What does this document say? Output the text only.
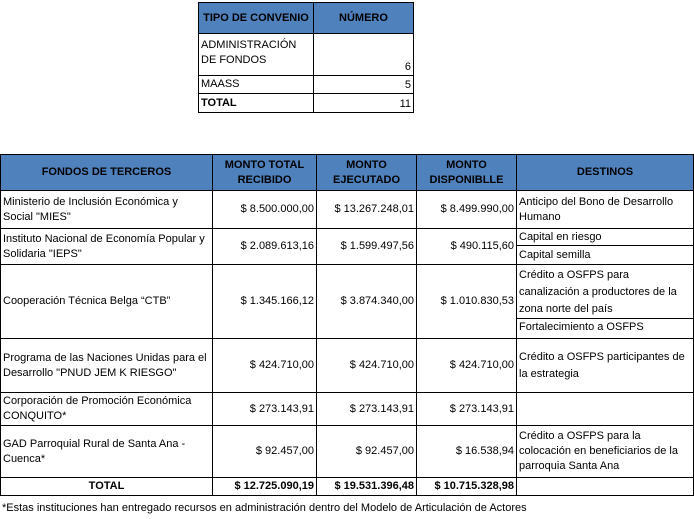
TIPO DE CONVENIO	NÚMERO
ADMINISTRACIÓN DE FONDOS	6
MAASS	5
TOTAL	11
FONDOS DE TERCEROS	MONTO TOTAL RECIBIDO	MONTO EJECUTADO	MONTO DISPONIBLLE	DESTINOS
Ministerio de Inclusión Económica y Social "MIES"	$ 8.500.000,00	$ 13.267.248,01	$ 8.499.990,00	Anticipo del Bono de Desarrollo Humano
Instituto Nacional de Economía Popular y Solidaria "IEPS"	$ 2.089.613,16	$ 1.599.497,56	$ 490.115,60	Capital en riesgo
Capital semilla

Cooperación Técnica Belga “CTB”	$ 1.345.166,12	$ 3.874.340,00	$ 1.010.830,53	Crédito a OSFPS para canalización a productores de la zona norte del país
Fortalecimiento a OSFPS

Programa de las Naciones Unidas para el Desarrollo "PNUD JEM K RIESGO"	$ 424.710,00	$ 424.710,00	$ 424.710,00	Crédito a OSFPS participantes de la estrategia
Corporación de Promoción Económica CONQUITO*	$ 273.143,91	$ 273.143,91	$ 273.143,91	
GAD Parroquial Rural de Santa Ana - Cuenca*	$ 92.457,00	$ 92.457,00	$ 16.538,94	Crédito a OSFPS para la colocación en beneficiarios de la parroquia Santa Ana
TOTAL	$ 12.725.090,19	$ 19.531.396,48	$ 10.715.328,98	
*Estas instituciones han entregado recursos en administración dentro del Modelo de Articulación de Actores
